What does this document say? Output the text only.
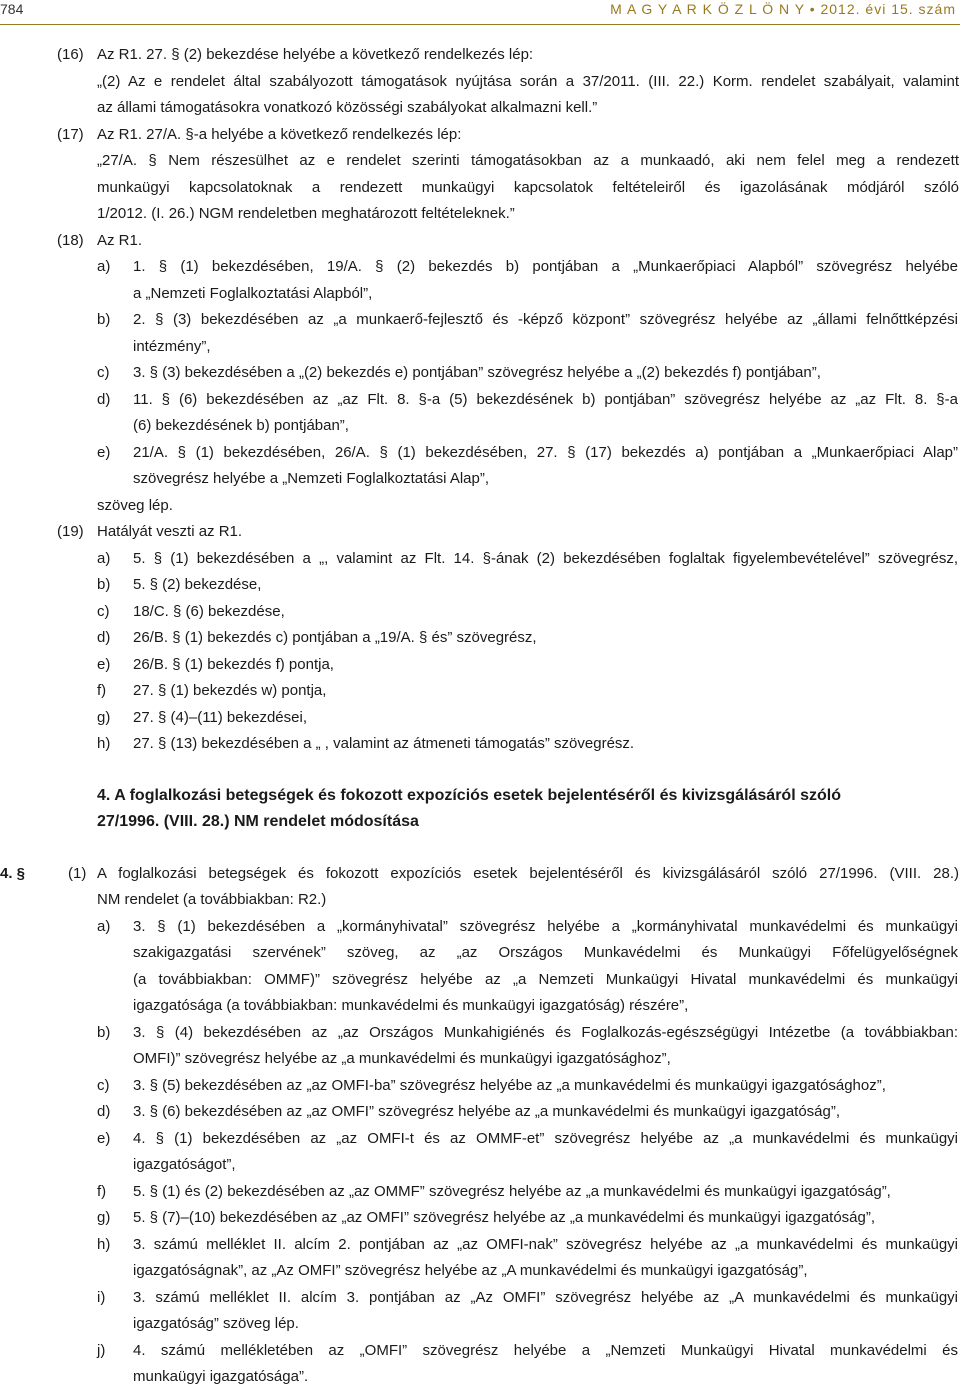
784	M A G Y A R K Ö Z L Ö N Y • 2012. évi 15. szám
(16) Az R1. 27. § (2) bekezdése helyébe a következő rendelkezés lép:
„(2) Az e rendelet által szabályozott támogatások nyújtása során a 37/2011. (III. 22.) Korm. rendelet szabályait, valamint
az állami támogatásokra vonatkozó közösségi szabályokat alkalmazni kell.”
(17) Az R1. 27/A. §-a helyébe a következő rendelkezés lép:
„27/A. § Nem részesülhet az e rendelet szerinti támogatásokban az a munkaadó, aki nem felel meg a rendezett
munkaügyi kapcsolatoknak a rendezett munkaügyi kapcsolatok feltételeiről és igazolásának módjáról szóló
1/2012. (I. 26.) NGM rendeletben meghatározott feltételeknek.”
(18) Az R1.
a) 1. § (1) bekezdésében, 19/A. § (2) bekezdés b) pontjában a „Munkaerőpiaci Alapból” szövegrész helyébe
a „Nemzeti Foglalkoztatási Alapból”,
b) 2. § (3) bekezdésében az „a munkaerő-fejlesztő és -képző központ” szövegrész helyébe az „állami felnőttképzési
intézmény”,
c) 3. § (3) bekezdésében a „(2) bekezdés e) pontjában” szövegrész helyébe a „(2) bekezdés f) pontjában”,
d) 11. § (6) bekezdésében az „az Flt. 8. §-a (5) bekezdésének b) pontjában” szövegrész helyébe az „az Flt. 8. §-a
(6) bekezdésének b) pontjában”,
e) 21/A. § (1) bekezdésében, 26/A. § (1) bekezdésében, 27. § (17) bekezdés a) pontjában a „Munkaerőpiaci Alap”
szövegrész helyébe a „Nemzeti Foglalkoztatási Alap”,
szöveg lép.
(19) Hatályát veszti az R1.
a) 5. § (1) bekezdésében a „, valamint az Flt. 14. §-ának (2) bekezdésében foglaltak figyelembevételével” szövegrész,
b) 5. § (2) bekezdése,
c) 18/C. § (6) bekezdése,
d) 26/B. § (1) bekezdés c) pontjában a „19/A. § és” szövegrész,
e) 26/B. § (1) bekezdés f) pontja,
f) 27. § (1) bekezdés w) pontja,
g) 27. § (4)–(11) bekezdései,
h) 27. § (13) bekezdésében a „ , valamint az átmeneti támogatás” szövegrész.
4. A foglalkozási betegségek és fokozott expozíciós esetek bejelentéséről és kivizsgálásáról szóló
27/1996. (VIII. 28.) NM rendelet módosítása
4. §	(1) A foglalkozási betegségek és fokozott expozíciós esetek bejelentéséről és kivizsgálásáról szóló 27/1996. (VIII. 28.)
NM rendelet (a továbbiakban: R2.)
a) 3. § (1) bekezdésében a „kormányhivatal” szövegrész helyébe a „kormányhivatal munkavédelmi és munkaügyi
szakigazgatási szervének” szöveg, az „az Országos Munkavédelmi és Munkaügyi Főfelügyelőségnek
(a továbbiakban: OMMF)” szövegrész helyébe az „a Nemzeti Munkaügyi Hivatal munkavédelmi és munkaügyi
igazgatósága (a továbbiakban: munkavédelmi és munkaügyi igazgatóság) részére”,
b) 3. § (4) bekezdésében az „az Országos Munkahigiénés és Foglalkozás-egészségügyi Intézetbe (a továbbiakban:
OMFI)” szövegrész helyébe az „a munkavédelmi és munkaügyi igazgatósághoz”,
c) 3. § (5) bekezdésében az „az OMFI-ba” szövegrész helyébe az „a munkavédelmi és munkaügyi igazgatósághoz”,
d) 3. § (6) bekezdésében az „az OMFI” szövegrész helyébe az „a munkavédelmi és munkaügyi igazgatóság”,
e) 4. § (1) bekezdésében az „az OMFI-t és az OMMF-et” szövegrész helyébe az „a munkavédelmi és munkaügyi
igazgatóságot”,
f) 5. § (1) és (2) bekezdésében az „az OMMF” szövegrész helyébe az „a munkavédelmi és munkaügyi igazgatóság”,
g) 5. § (7)–(10) bekezdésében az „az OMFI” szövegrész helyébe az „a munkavédelmi és munkaügyi igazgatóság”,
h) 3. számú melléklet II. alcím 2. pontjában az „az OMFI-nak” szövegrész helyébe az „a munkavédelmi és munkaügyi
igazgatóságnak”, az „Az OMFI” szövegrész helyébe az „A munkavédelmi és munkaügyi igazgatóság”,
i) 3. számú melléklet II. alcím 3. pontjában az „Az OMFI” szövegrész helyébe az „A munkavédelmi és munkaügyi
igazgatóság” szöveg lép.
j) 4. számú mellékletében az „OMFI” szövegrész helyébe a „Nemzeti Munkaügyi Hivatal munkavédelmi és
munkaügyi igazgatósága”.
